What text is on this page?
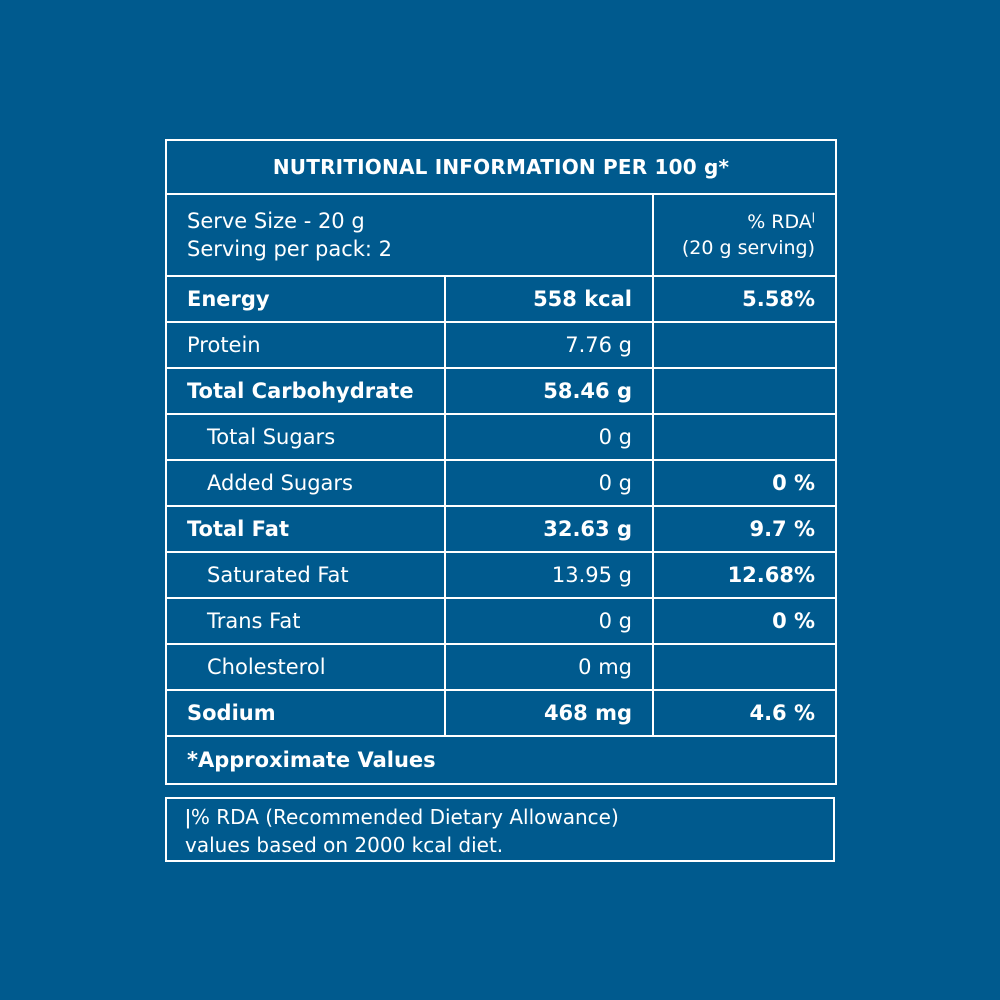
NUTRITIONAL INFORMATION PER 100 g*		

Serve Size - 20 g
Serving per pack: 2		% $RDA^ǀ$
(20 g serving)

Energy	558 kcal	5.58%
Protein	7.76 g	
Total Carbohydrate	58.46 g	
Total Sugars	0 g	
Added Sugars	0 g	0 %
Total Fat	32.63 g	9.7 %
Saturated Fat	13.95 g	12.68%
Trans Fat	0 g	0 %
Cholesterol	0 mg	
Sodium	468 mg	4.6 %
*Approximate Values		
ǀ% RDA (Recommended Dietary Allowance)
values based on 2000 kcal diet.
